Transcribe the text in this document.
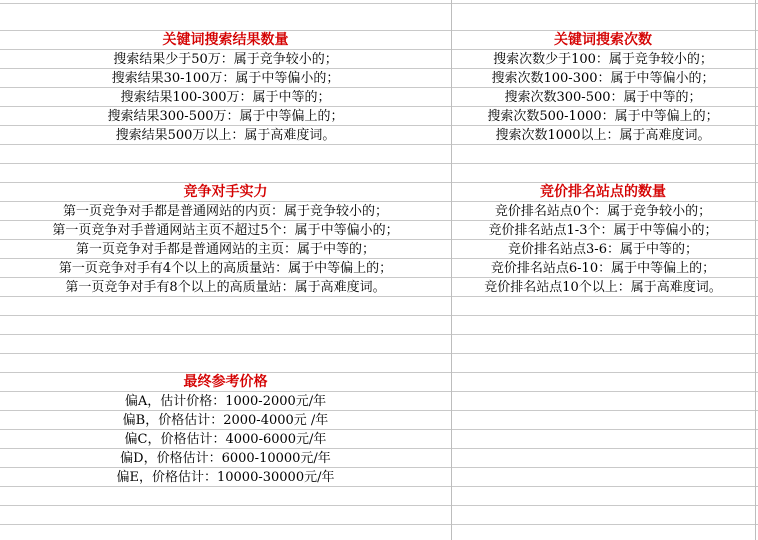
关键词搜索结果数量
搜索结果少于50万：属于竞争较小的；
搜索结果30-100万：属于中等偏小的；
搜索结果100-300万：属于中等的；
搜索结果300-500万：属于中等偏上的；
搜索结果500万以上：属于高难度词。
关键词搜索次数
搜索次数少于100：属于竞争较小的；
搜索次数100-300：属于中等偏小的；
搜索次数300-500：属于中等的；
搜索次数500-1000：属于中等偏上的；
搜索次数1000以上：属于高难度词。
竞争对手实力
第一页竞争对手都是普通网站的内页：属于竞争较小的；
第一页竞争对手普通网站主页不超过5个：属于中等偏小的；
第一页竞争对手都是普通网站的主页：属于中等的；
第一页竞争对手有4个以上的高质量站：属于中等偏上的；
第一页竞争对手有8个以上的高质量站：属于高难度词。
竞价排名站点的数量
竞价排名站点0个：属于竞争较小的；
竞价排名站点1-3个：属于中等偏小的；
竞价排名站点3-6：属于中等的；
竞价排名站点6-10：属于中等偏上的；
竞价排名站点10个以上：属于高难度词。
最终参考价格
偏A，估计价格：1000-2000元/年
偏B，价格估计：2000-4000元 /年
偏C，价格估计：4000-6000元/年
偏D，价格估计：6000-10000元/年
偏E，价格估计：10000-30000元/年
